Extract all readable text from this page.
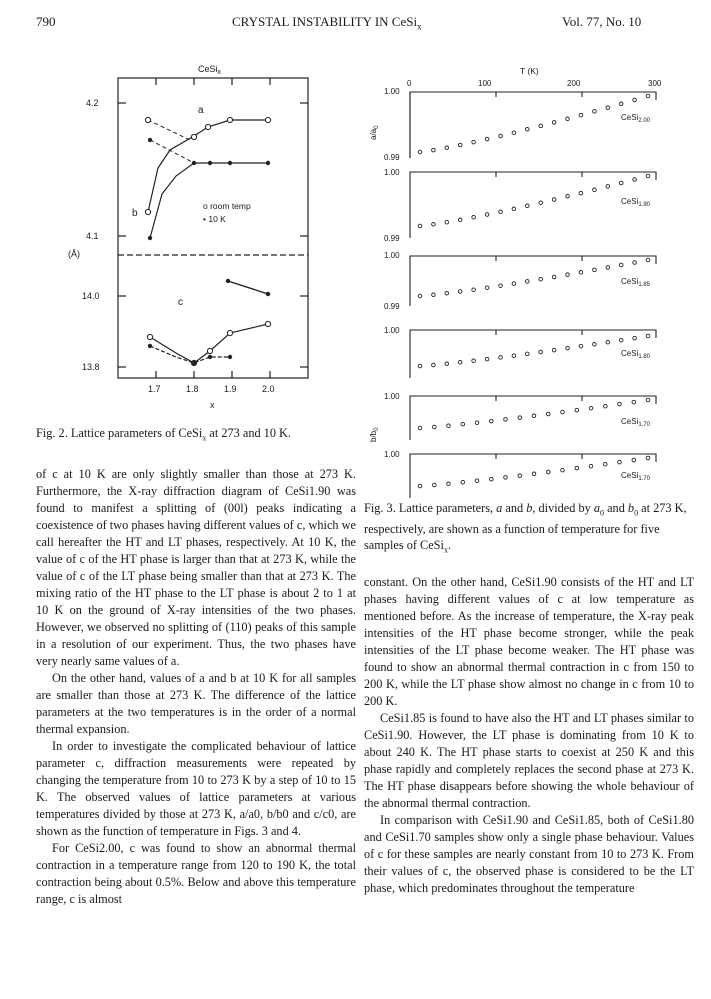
790	CRYSTAL INSTABILITY IN CeSi$_x$	Vol. 77, No. 10
4.2
4.1
14.0
13.8
(Å)
1.7	1.8	1.9	2.0
x
CeSi$_x$
a
b
c
o room temp
• 10 K
Fig. 2. Lattice parameters of CeSi$_x$ at 273 and 10 K.
T (K)
0	100	200	300
1.00
0.99
1.00
0.99
1.00
0.99
1.00
1.00
1.00
$a/a_0$
$b/b_0$
CeSi$_{2.00}$
CeSi$_{1.90}$
CeSi$_{1.85}$
CeSi$_{1.80}$
CeSi$_{1.70}$
CeSi$_{1.70}$
Fig. 3. Lattice parameters, a and b, divided by $a_0$ and $b_0$ at 273 K, respectively, are shown as a function of temperature for five samples of CeSi$_x$.

of c at 10 K are only slightly smaller than those at 273 K. Furthermore, the X-ray diffraction diagram of CeSi1.90 was found to manifest a splitting of (00l) peaks indicating a coexistence of two phases having different values of c, which we call hereafter the HT and LT phases, respectively. At 10 K, the value of c of the HT phase is larger than that at 273 K, while the value of c of the LT phase being smaller than that at 273 K. The mixing ratio of the HT phase to the LT phase is about 2 to 1 at 10 K on the ground of X-ray intensities of the two phases. However, we observed no splitting of (110) peaks of this sample in a resolution of our experiment. Thus, the two phases have very nearly same values of a.

On the other hand, values of a and b at 10 K for all samples are smaller than those at 273 K. The difference of the lattice parameters at the two temperatures is in the order of a normal thermal expansion.

In order to investigate the complicated behaviour of lattice parameter c, diffraction measurements were repeated by changing the temperature from 10 to 273 K by a step of 10 to 15 K. The observed values of lattice parameters at various temperatures divided by those at 273 K, a/a0, b/b0 and c/c0, are shown as the function of temperature in Figs. 3 and 4.

For CeSi2.00, c was found to show an abnormal thermal contraction in a temperature range from 120 to 190 K, the total contraction being about 0.5%. Below and above this temperature range, c is almost

constant. On the other hand, CeSi1.90 consists of the HT and LT phases having different values of c at low temperature as mentioned before. As the increase of temperature, the X-ray peak intensities of the HT phase become stronger, while the peak intensities of the LT phase become weaker. The HT phase was found to show an abnormal thermal contraction in c from 150 to 200 K, while the LT phase show almost no change in c from 10 to 200 K.

CeSi1.85 is found to have also the HT and LT phases similar to CeSi1.90. However, the LT phase is dominating from 10 K to about 240 K. The HT phase starts to coexist at 250 K and this phase rapidly and completely replaces the second phase at 273 K. The HT phase disappears before showing the whole behaviour of the abnormal thermal contraction.

In comparison with CeSi1.90 and CeSi1.85, both of CeSi1.80 and CeSi1.70 samples show only a single phase behaviour. Values of c for these samples are nearly constant from 10 to 273 K. From their values of c, the observed phase is considered to be the LT phase, which predominates throughout the temperature
